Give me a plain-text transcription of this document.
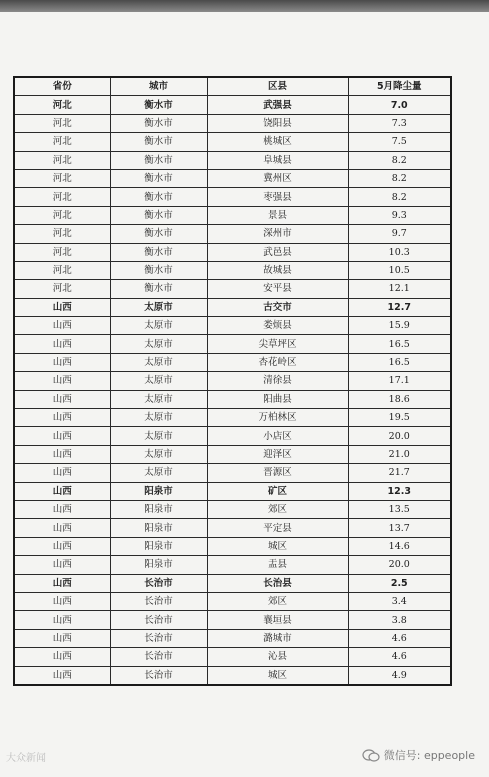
省份	城市	区县	5月降尘量
河北	衡水市	武强县	7.0
河北	衡水市	饶阳县	7.3
河北	衡水市	桃城区	7.5
河北	衡水市	阜城县	8.2
河北	衡水市	冀州区	8.2
河北	衡水市	枣强县	8.2
河北	衡水市	景县	9.3
河北	衡水市	深州市	9.7
河北	衡水市	武邑县	10.3
河北	衡水市	故城县	10.5
河北	衡水市	安平县	12.1
山西	太原市	古交市	12.7
山西	太原市	娄烦县	15.9
山西	太原市	尖草坪区	16.5
山西	太原市	杏花岭区	16.5
山西	太原市	清徐县	17.1
山西	太原市	阳曲县	18.6
山西	太原市	万柏林区	19.5
山西	太原市	小店区	20.0
山西	太原市	迎泽区	21.0
山西	太原市	晋源区	21.7
山西	阳泉市	矿区	12.3
山西	阳泉市	郊区	13.5
山西	阳泉市	平定县	13.7
山西	阳泉市	城区	14.6
山西	阳泉市	盂县	20.0
山西	长治市	长治县	2.5
山西	长治市	郊区	3.4
山西	长治市	襄垣县	3.8
山西	长治市	潞城市	4.6
山西	长治市	沁县	4.6
山西	长治市	城区	4.9
大众新闻	微信号: eppeople
